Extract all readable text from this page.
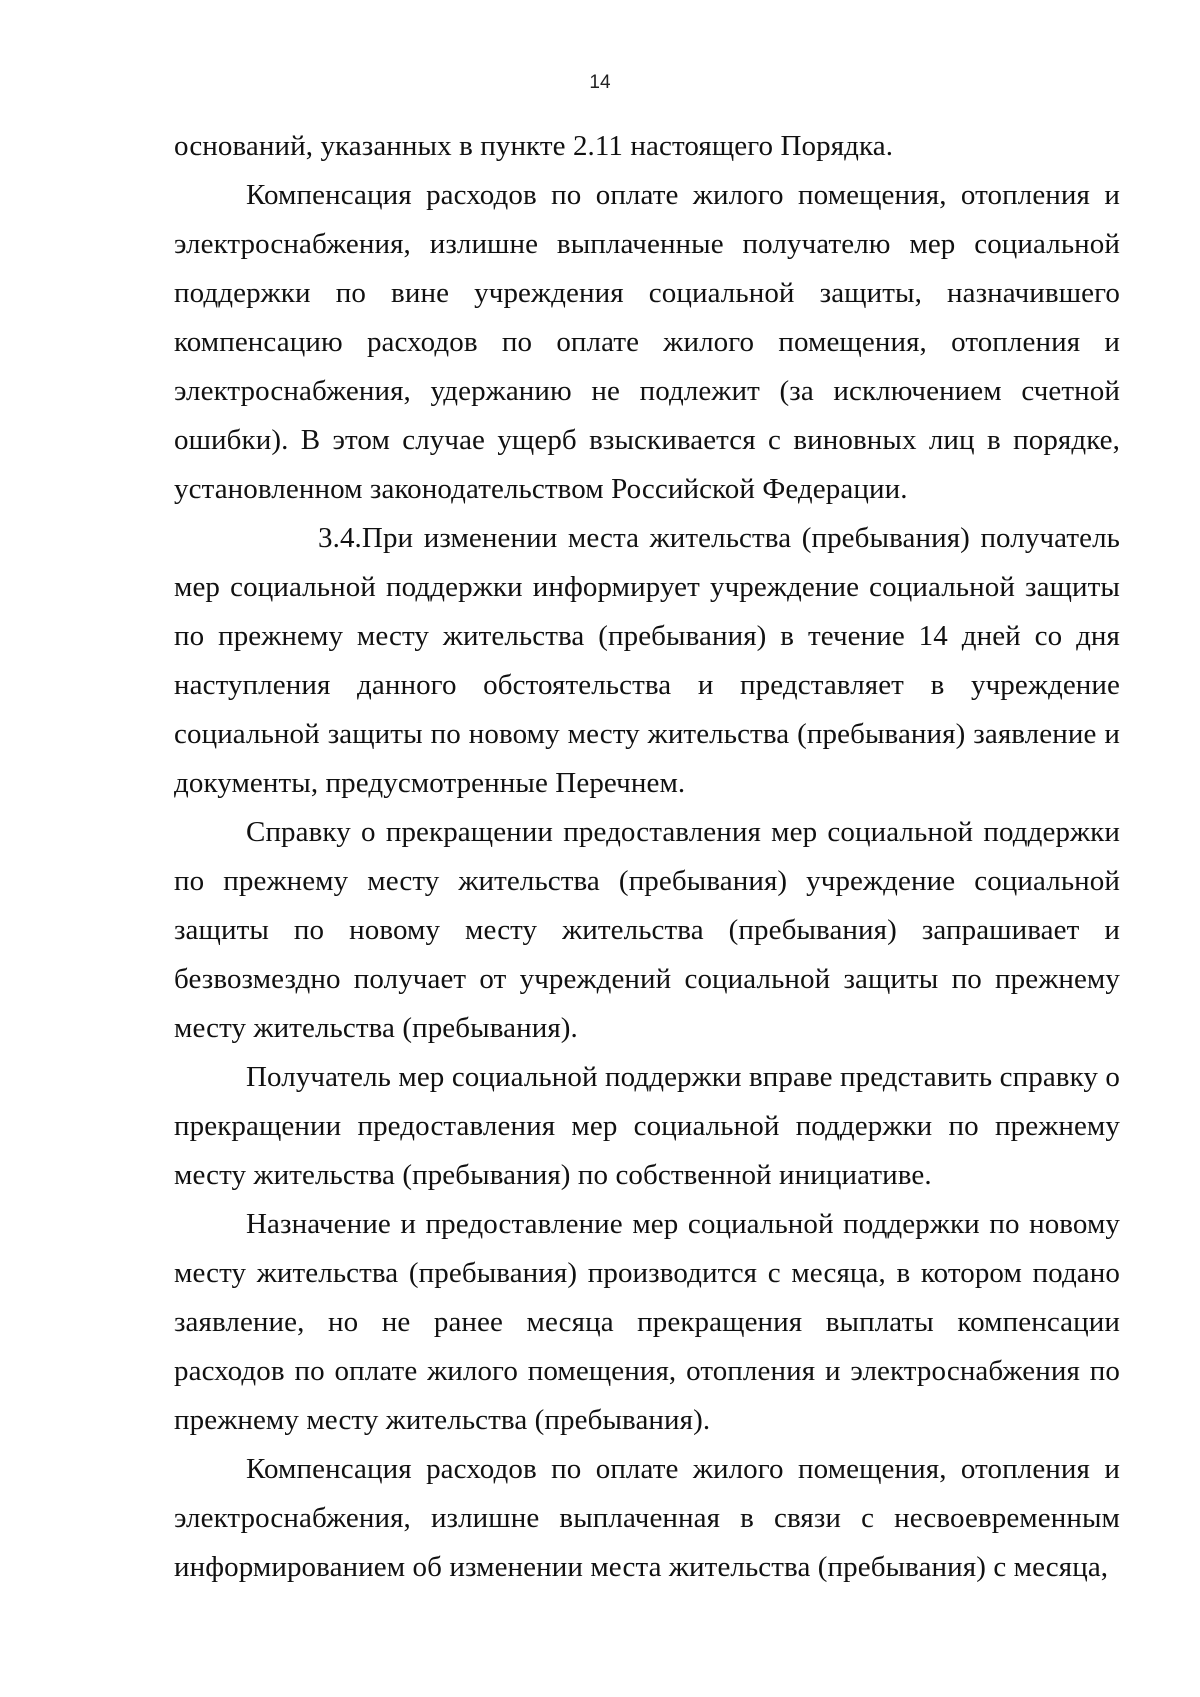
14

оснований, указанных в пункте 2.11 настоящего Порядка.

Компенсация расходов по оплате жилого помещения, отопления и электроснабжения, излишне выплаченные получателю мер социальной поддержки по вине учреждения социальной защиты, назначившего компенсацию расходов по оплате жилого помещения, отопления и электроснабжения, удержанию не подлежит (за исключением счетной ошибки). В этом случае ущерб взыскивается с виновных лиц в порядке, установленном законодательством Российской Федерации.

3.4.При изменении места жительства (пребывания) получатель мер социальной поддержки информирует учреждение социальной защиты по прежнему месту жительства (пребывания) в течение 14 дней со дня наступления данного обстоятельства и представляет в учреждение социальной защиты по новому месту жительства (пребывания) заявление и документы, предусмотренные Перечнем.

Справку о прекращении предоставления мер социальной поддержки по прежнему месту жительства (пребывания) учреждение социальной защиты по новому месту жительства (пребывания) запрашивает и безвозмездно получает от учреждений социальной защиты по прежнему месту жительства (пребывания).

Получатель мер социальной поддержки вправе представить справку о прекращении предоставления мер социальной поддержки по прежнему месту жительства (пребывания) по собственной инициативе.

Назначение и предоставление мер социальной поддержки по новому месту жительства (пребывания) производится с месяца, в котором подано заявление, но не ранее месяца прекращения выплаты компенсации расходов по оплате жилого помещения, отопления и электроснабжения по прежнему месту жительства (пребывания).

Компенсация расходов по оплате жилого помещения, отопления и электроснабжения, излишне выплаченная в связи с несвоевременным информированием об изменении места жительства (пребывания) с месяца,
